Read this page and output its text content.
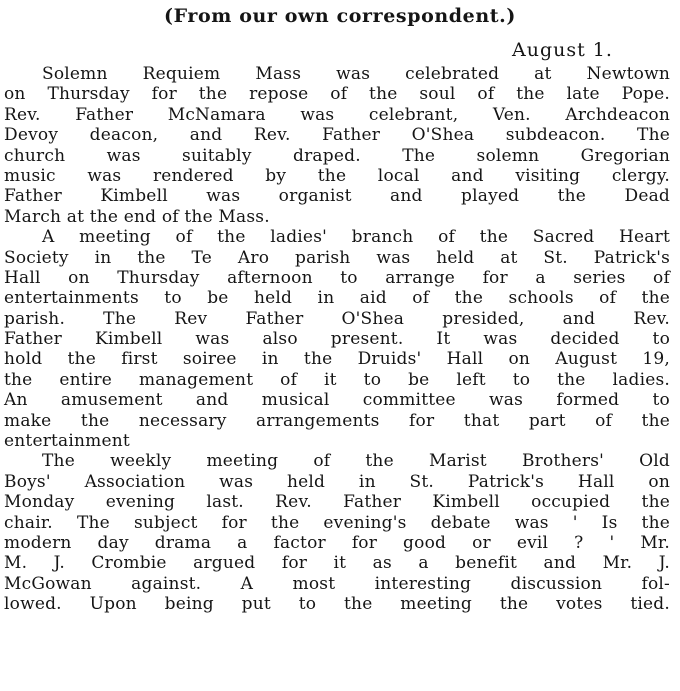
(From our own correspondent.)
August 1.
Solemn Requiem Mass was celebrated at Newtown
on Thursday for the repose of the soul of the late Pope.
Rev. Father McNamara was celebrant, Ven. Archdeacon
Devoy deacon, and Rev. Father O'Shea subdeacon. The
church was suitably draped. The solemn Gregorian
music was rendered by the local and visiting clergy.
Father Kimbell was organist and played the Dead
March at the end of the Mass.
A meeting of the ladies' branch of the Sacred Heart
Society in the Te Aro parish was held at St. Patrick's
Hall on Thursday afternoon to arrange for a series of
entertainments to be held in aid of the schools of the
parish. The Rev Father O'Shea presided, and Rev.
Father Kimbell was also present. It was decided to
hold the first soiree in the Druids' Hall on August 19,
the entire management of it to be left to the ladies.
An amusement and musical committee was formed to
make the necessary arrangements for that part of the
entertainment
The weekly meeting of the Marist Brothers' Old
Boys' Association was held in St. Patrick's Hall on
Monday evening last. Rev. Father Kimbell occupied the
chair. The subject for the evening's debate was ' Is the
modern day drama a factor for good or evil ? ' Mr.
M. J. Crombie argued for it as a benefit and Mr. J.
McGowan against. A most interesting discussion fol-
lowed. Upon being put to the meeting the votes tied.
